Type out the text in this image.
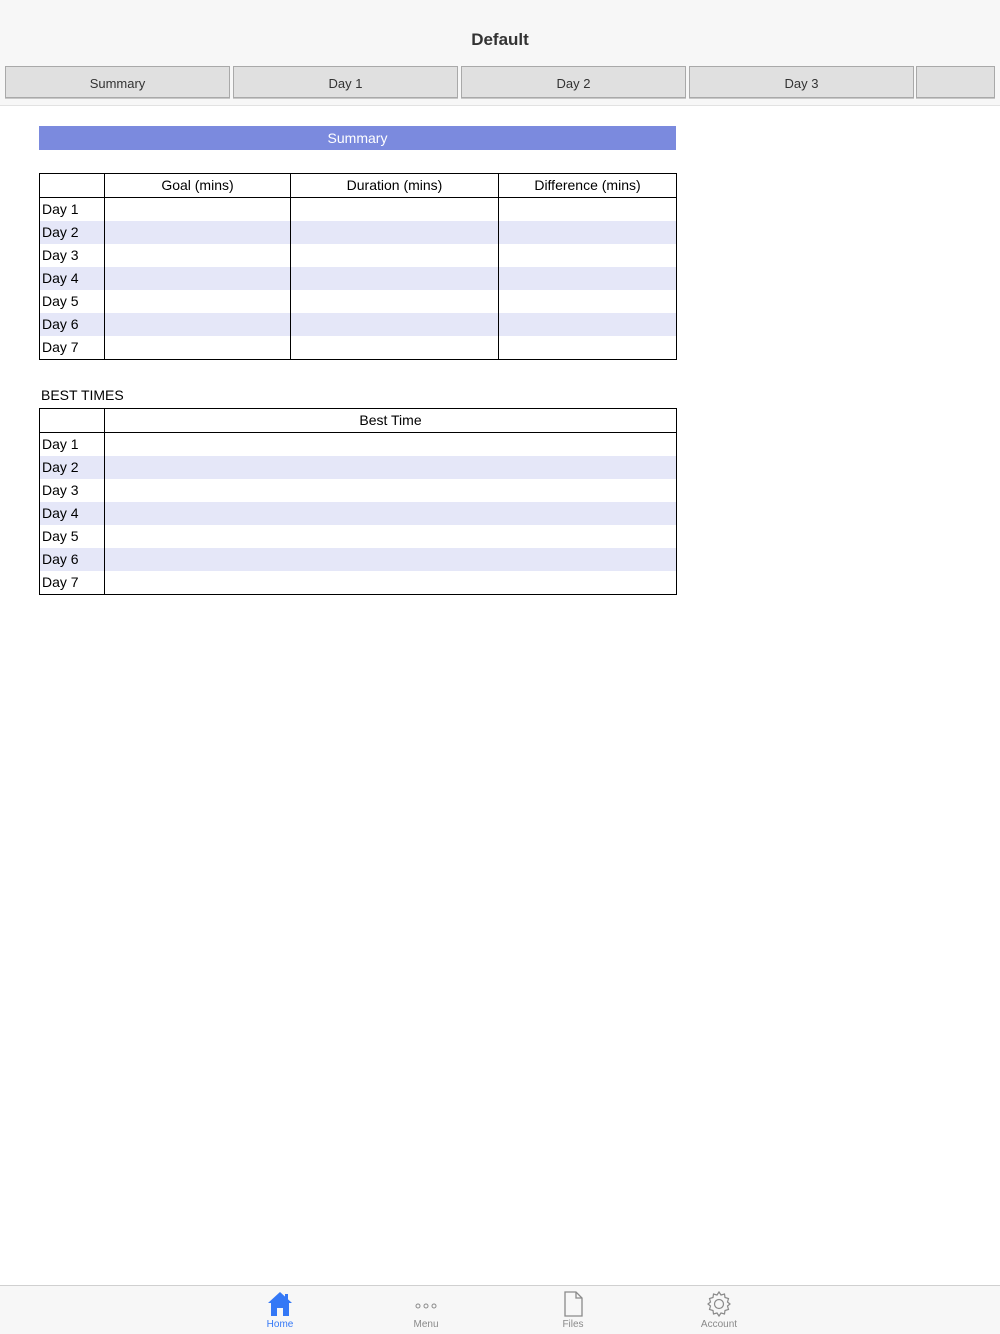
Default
Summary	Day 1	Day 2	Day 3
Summary
	Goal (mins)	Duration (mins)	Difference (mins)
Day 1			
Day 2			
Day 3			
Day 4			
Day 5			
Day 6			
Day 7			
BEST TIMES
	Best Time
Day 1	
Day 2	
Day 3	
Day 4	
Day 5	
Day 6	
Day 7	
Home	Menu	Files	Account
